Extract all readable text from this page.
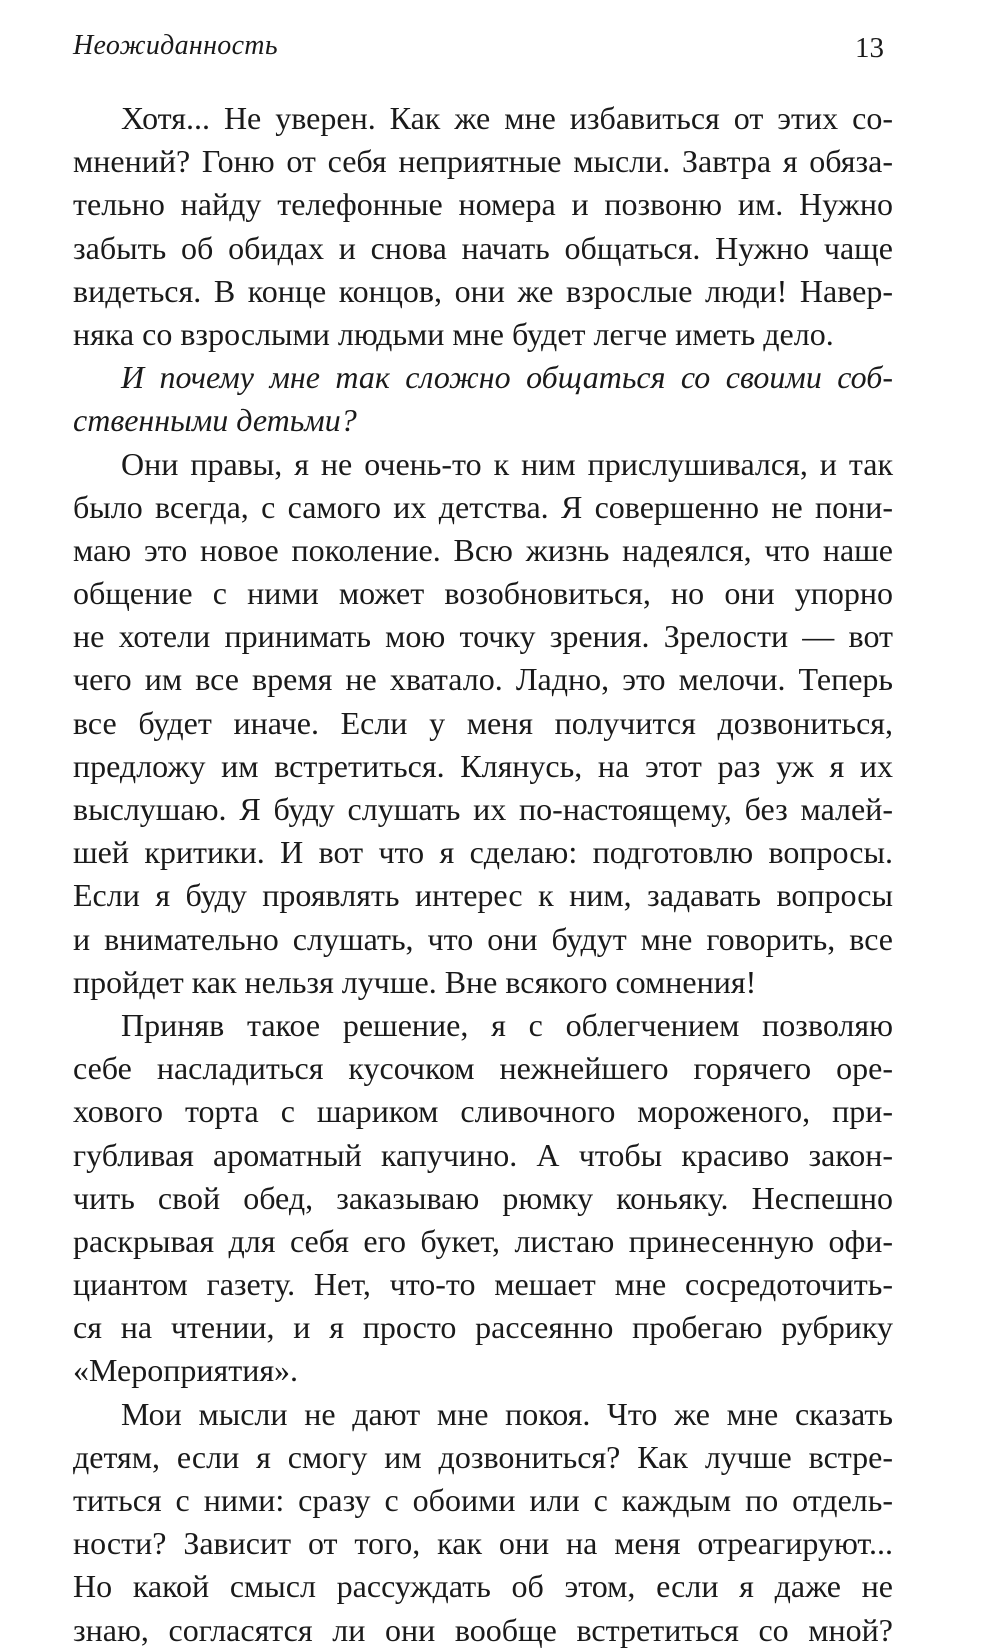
Неожиданность	13
Хотя... Не уверен. Как же мне избавиться от этих со-
мнений? Гоню от себя неприятные мысли. Завтра я обяза-
тельно найду телефонные номера и позвоню им. Нужно
забыть об обидах и снова начать общаться. Нужно чаще
видеться. В конце концов, они же взрослые люди! Навер-
няка со взрослыми людьми мне будет легче иметь дело.
И почему мне так сложно общаться со своими соб-
ственными детьми?
Они правы, я не очень-то к ним прислушивался, и так
было всегда, с самого их детства. Я совершенно не пони-
маю это новое поколение. Всю жизнь надеялся, что наше
общение с ними может возобновиться, но они упорно
не хотели принимать мою точку зрения. Зрелости — вот
чего им все время не хватало. Ладно, это мелочи. Теперь
все будет иначе. Если у меня получится дозвониться,
предложу им встретиться. Клянусь, на этот раз уж я их
выслушаю. Я буду слушать их по-настоящему, без малей-
шей критики. И вот что я сделаю: подготовлю вопросы.
Если я буду проявлять интерес к ним, задавать вопросы
и внимательно слушать, что они будут мне говорить, все
пройдет как нельзя лучше. Вне всякого сомнения!
Приняв такое решение, я с облегчением позволяю
себе насладиться кусочком нежнейшего горячего оре-
хового торта с шариком сливочного мороженого, при-
губливая ароматный капучино. А чтобы красиво закон-
чить свой обед, заказываю рюмку коньяку. Неспешно
раскрывая для себя его букет, листаю принесенную офи-
циантом газету. Нет, что-то мешает мне сосредоточить-
ся на чтении, и я просто рассеянно пробегаю рубрику
«Мероприятия».
Мои мысли не дают мне покоя. Что же мне сказать
детям, если я смогу им дозвониться? Как лучше встре-
титься с ними: сразу с обоими или с каждым по отдель-
ности? Зависит от того, как они на меня отреагируют...
Но какой смысл рассуждать об этом, если я даже не
знаю, согласятся ли они вообще встретиться со мной?
